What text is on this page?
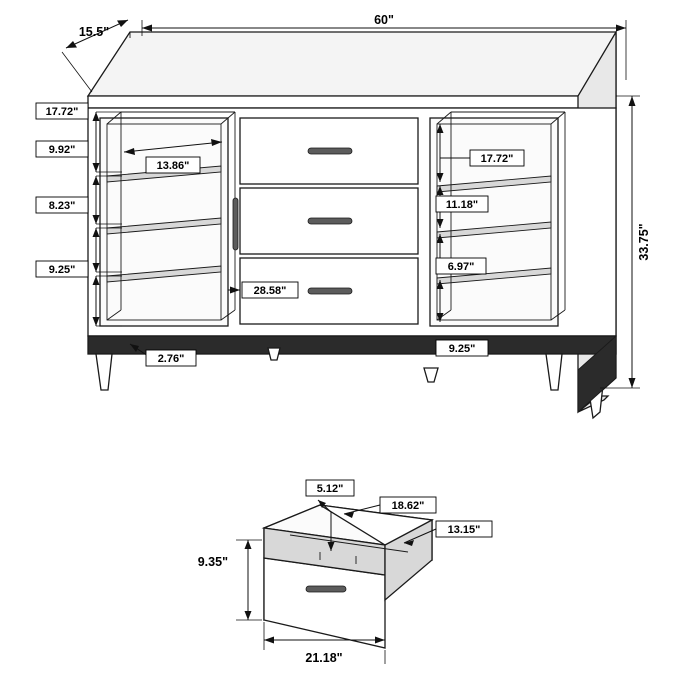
60"
15.5"
33.75"
17.72"
9.92"
8.23"
9.25"
13.86"
28.58"
2.76"
17.72"
11.18"
6.97"
9.25"
5.12"
18.62"
13.15"
9.35"
21.18"
